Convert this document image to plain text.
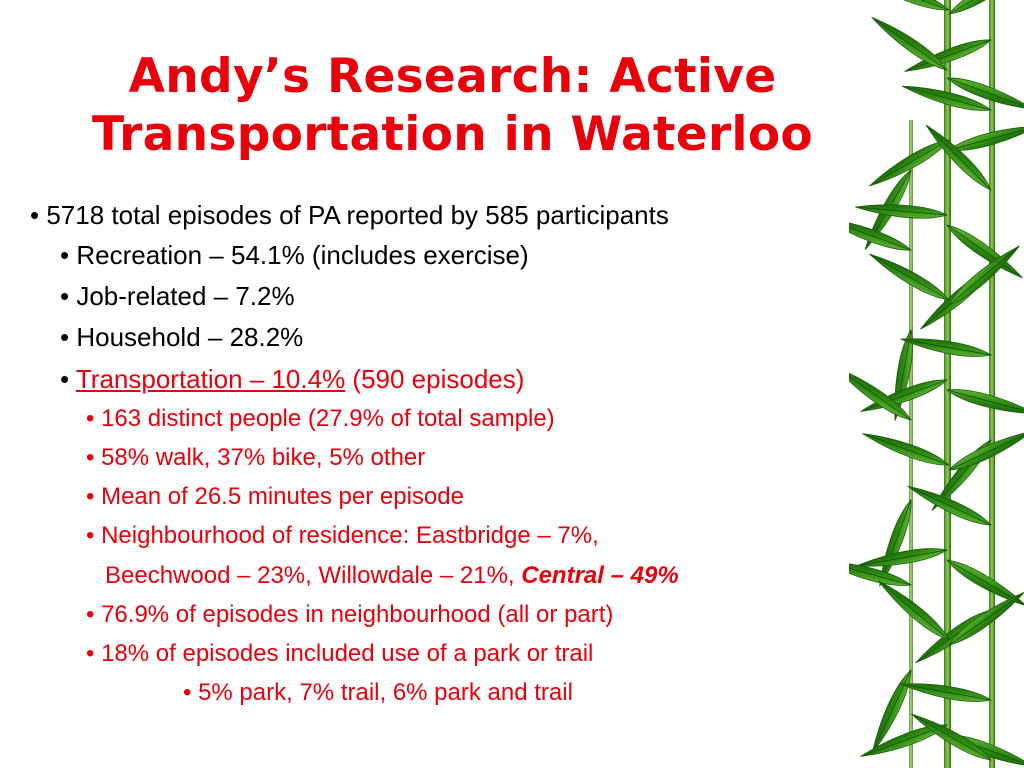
Andy’s Research: Active
Transportation in Waterloo
• 5718 total episodes of PA reported by 585 participants
• Recreation – 54.1% (includes exercise)
• Job-related – 7.2%
• Household – 28.2%
• Transportation – 10.4% (590 episodes)
• 163 distinct people (27.9% of total sample)
• 58% walk, 37% bike, 5% other
• Mean of 26.5 minutes per episode
• Neighbourhood of residence: Eastbridge – 7%,
Beechwood – 23%, Willowdale – 21%, Central – 49%
• 76.9% of episodes in neighbourhood (all or part)
• 18% of episodes included use of a park or trail
• 5% park, 7% trail, 6% park and trail
